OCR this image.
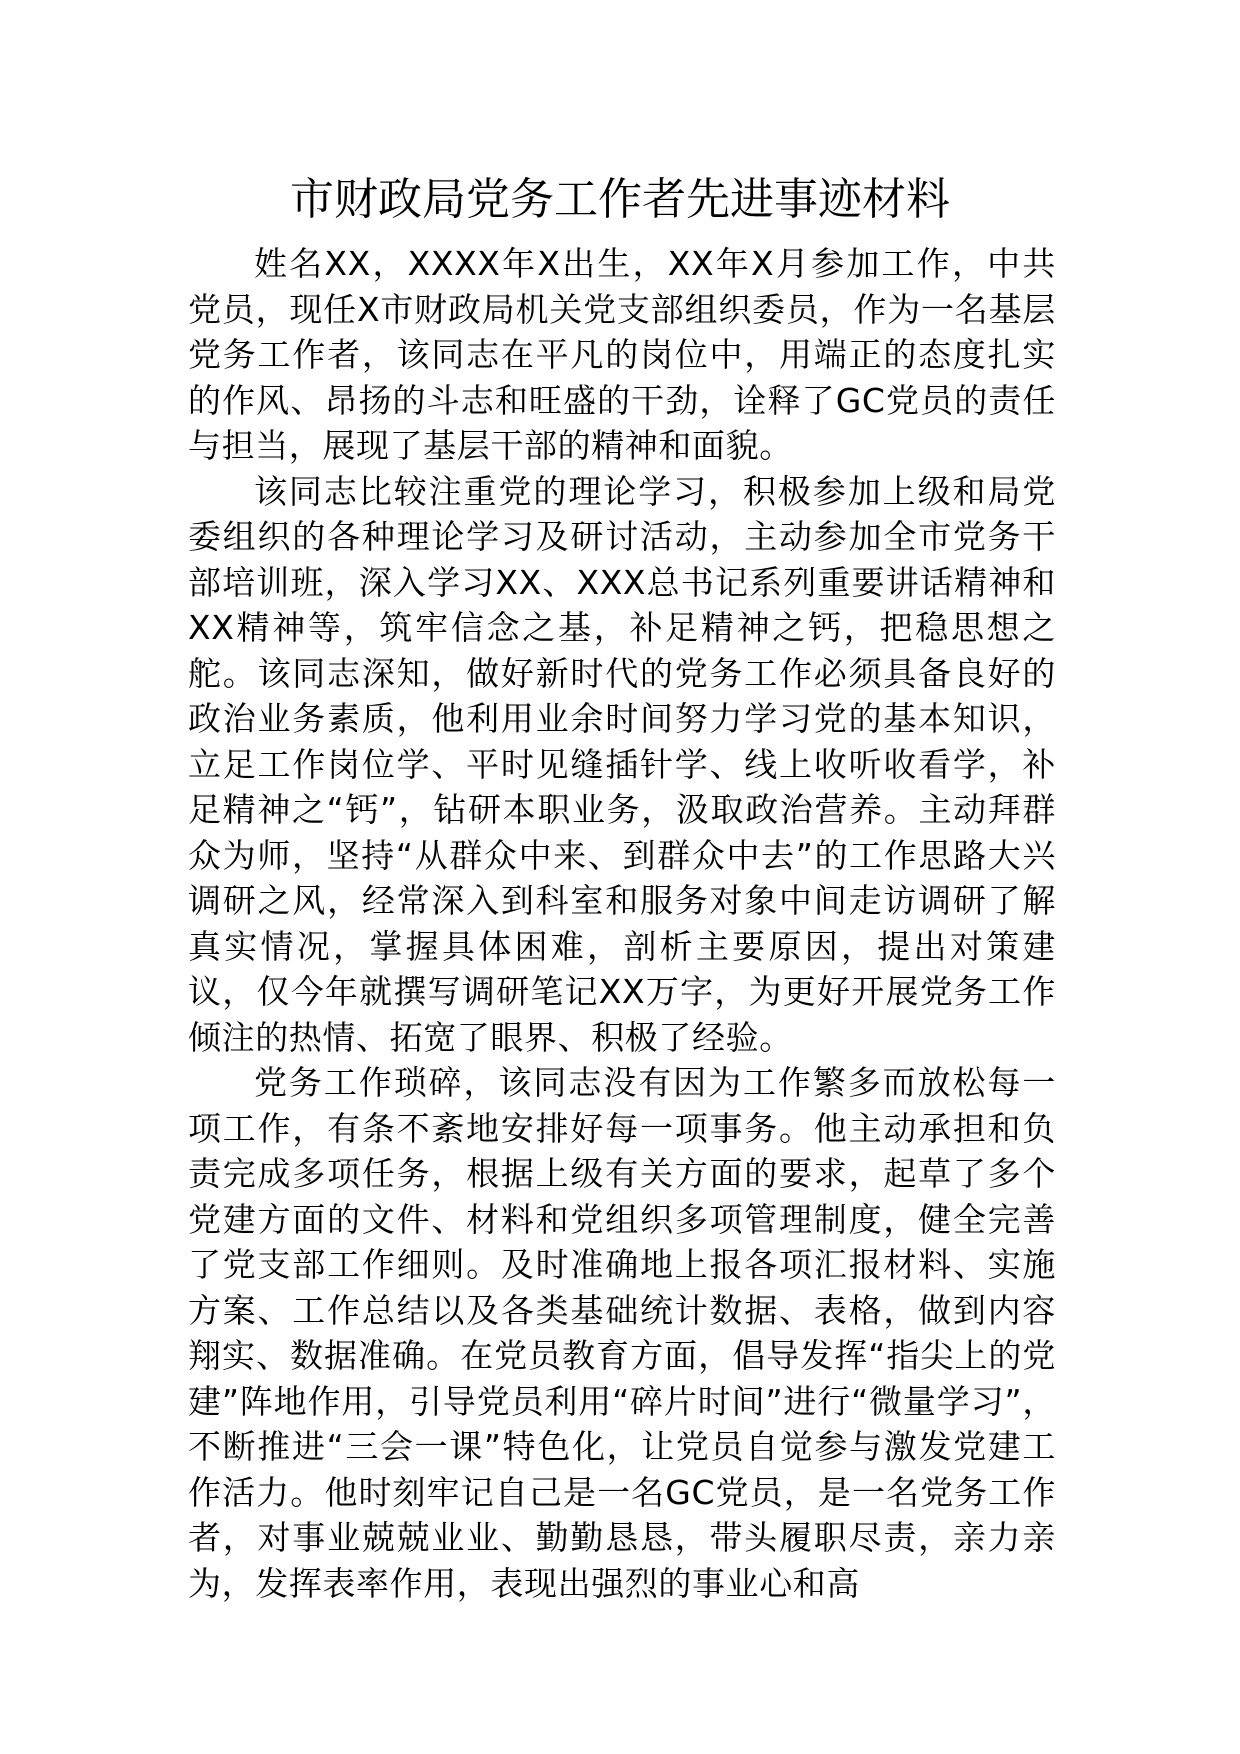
市财政局党务工作者先进事迹材料

姓名XX，XXXX年X出生，XX年X月参加工作，中共党员，现任X市财政局机关党支部组织委员，作为一名基层党务工作者，该同志在平凡的岗位中，用端正的态度扎实的作风、昂扬的斗志和旺盛的干劲，诠释了GC党员的责任与担当，展现了基层干部的精神和面貌。

该同志比较注重党的理论学习，积极参加上级和局党委组织的各种理论学习及研讨活动，主动参加全市党务干部培训班，深入学习XX、XXX总书记系列重要讲话精神和XX精神等，筑牢信念之基，补足精神之钙，把稳思想之舵。该同志深知，做好新时代的党务工作必须具备良好的政治业务素质，他利用业余时间努力学习党的基本知识，立足工作岗位学、平时见缝插针学、线上收听收看学，补足精神之“钙”，钻研本职业务，汲取政治营养。主动拜群众为师，坚持“从群众中来、到群众中去”的工作思路大兴调研之风，经常深入到科室和服务对象中间走访调研了解真实情况，掌握具体困难，剖析主要原因，提出对策建议，仅今年就撰写调研笔记XX万字，为更好开展党务工作倾注的热情、拓宽了眼界、积极了经验。

党务工作琐碎，该同志没有因为工作繁多而放松每一项工作，有条不紊地安排好每一项事务。他主动承担和负责完成多项任务，根据上级有关方面的要求，起草了多个党建方面的文件、材料和党组织多项管理制度，健全完善了党支部工作细则。及时准确地上报各项汇报材料、实施方案、工作总结以及各类基础统计数据、表格，做到内容翔实、数据准确。在党员教育方面，倡导发挥“指尖上的党建”阵地作用，引导党员利用“碎片时间”进行“微量学习”，不断推进“三会一课”特色化，让党员自觉参与激发党建工作活力。他时刻牢记自己是一名GC党员，是一名党务工作者，对事业兢兢业业、勤勤恳恳，带头履职尽责，亲力亲为，发挥表率作用，表现出强烈的事业心和高
